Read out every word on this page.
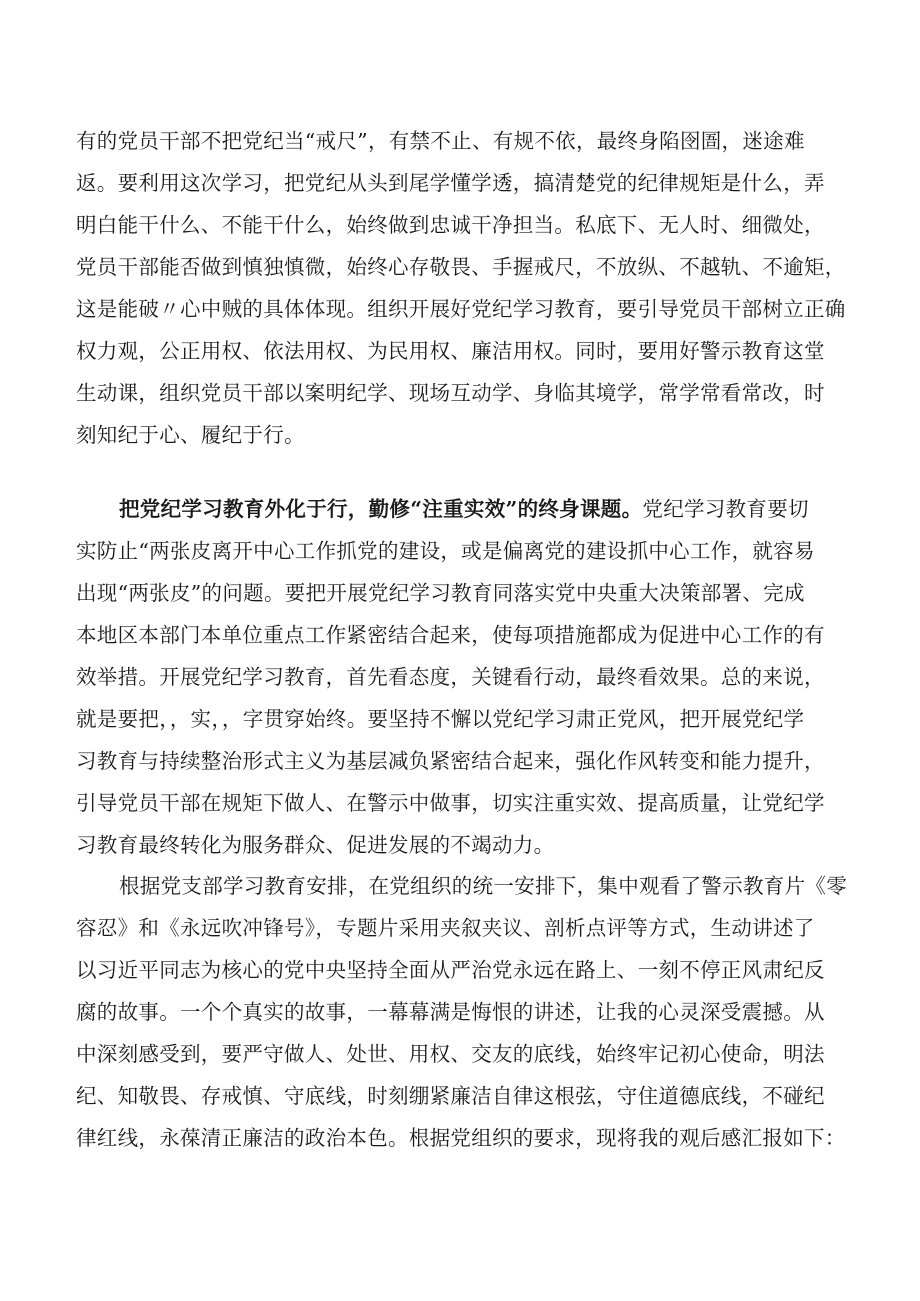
有的党员干部不把党纪当“戒尺”，有禁不止、有规不依，最终身陷囹圄，迷途难
返。要利用这次学习，把党纪从头到尾学懂学透，搞清楚党的纪律规矩是什么，弄
明白能干什么、不能干什么，始终做到忠诚干净担当。私底下、无人时、细微处，
党员干部能否做到慎独慎微，始终心存敬畏、手握戒尺，不放纵、不越轨、不逾矩，
这是能破〃心中贼的具体体现。组织开展好党纪学习教育，要引导党员干部树立正确
权力观，公正用权、依法用权、为民用权、廉洁用权。同时，要用好警示教育这堂
生动课，组织党员干部以案明纪学、现场互动学、身临其境学，常学常看常改，时
刻知纪于心、履纪于行。
把党纪学习教育外化于行，勤修“注重实效”的终身课题。党纪学习教育要切
实防止“两张皮离开中心工作抓党的建设，或是偏离党的建设抓中心工作，就容易
出现“两张皮”的问题。要把开展党纪学习教育同落实党中央重大决策部署、完成
本地区本部门本单位重点工作紧密结合起来，使每项措施都成为促进中心工作的有
效举措。开展党纪学习教育，首先看态度，关键看行动，最终看效果。总的来说，
就是要把，，实，，字贯穿始终。要坚持不懈以党纪学习肃正党风，把开展党纪学
习教育与持续整治形式主义为基层减负紧密结合起来，强化作风转变和能力提升，
引导党员干部在规矩下做人、在警示中做事，切实注重实效、提高质量，让党纪学
习教育最终转化为服务群众、促进发展的不竭动力。
根据党支部学习教育安排，在党组织的统一安排下，集中观看了警示教育片《零
容忍》和《永远吹冲锋号》，专题片采用夹叙夹议、剖析点评等方式，生动讲述了
以习近平同志为核心的党中央坚持全面从严治党永远在路上、一刻不停正风肃纪反
腐的故事。一个个真实的故事，一幕幕满是悔恨的讲述，让我的心灵深受震撼。从
中深刻感受到，要严守做人、处世、用权、交友的底线，始终牢记初心使命，明法
纪、知敬畏、存戒慎、守底线，时刻绷紧廉洁自律这根弦，守住道德底线，不碰纪
律红线，永葆清正廉洁的政治本色。根据党组织的要求，现将我的观后感汇报如下：
